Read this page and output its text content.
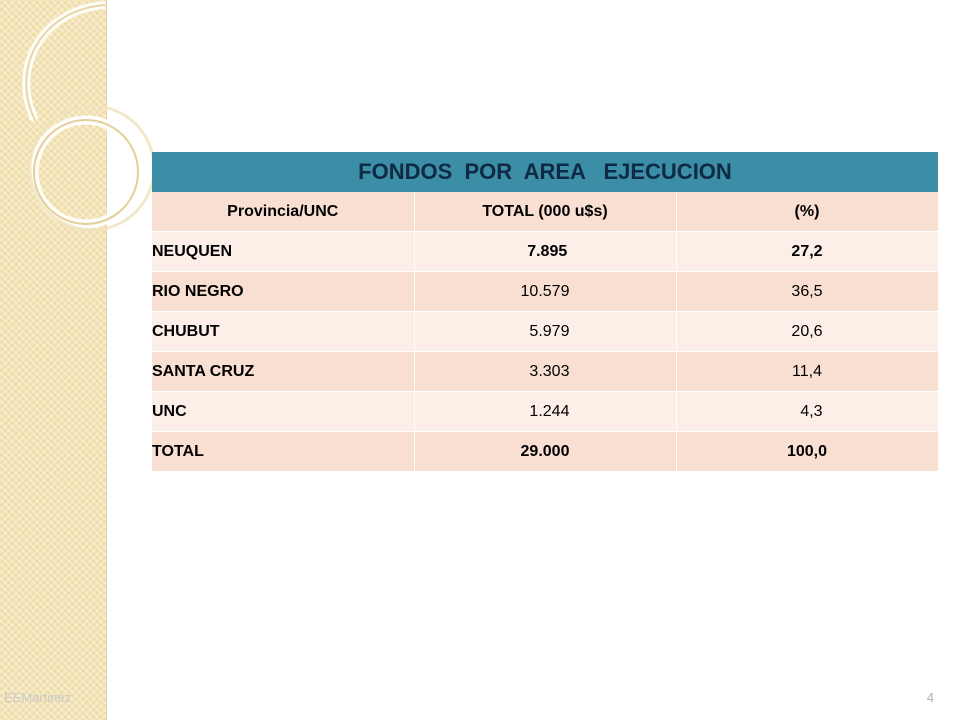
FONDOS  POR  AREA   EJECUCION
Provincia/UNC	TOTAL (000 u$s)	(%)
NEUQUEN	7.895	27,2
RIO NEGRO	10.579	36,5
CHUBUT	5.979	20,6
SANTA CRUZ	3.303	11,4
UNC	1.244	4,3
TOTAL	29.000	100,0
EEMartinez	4
